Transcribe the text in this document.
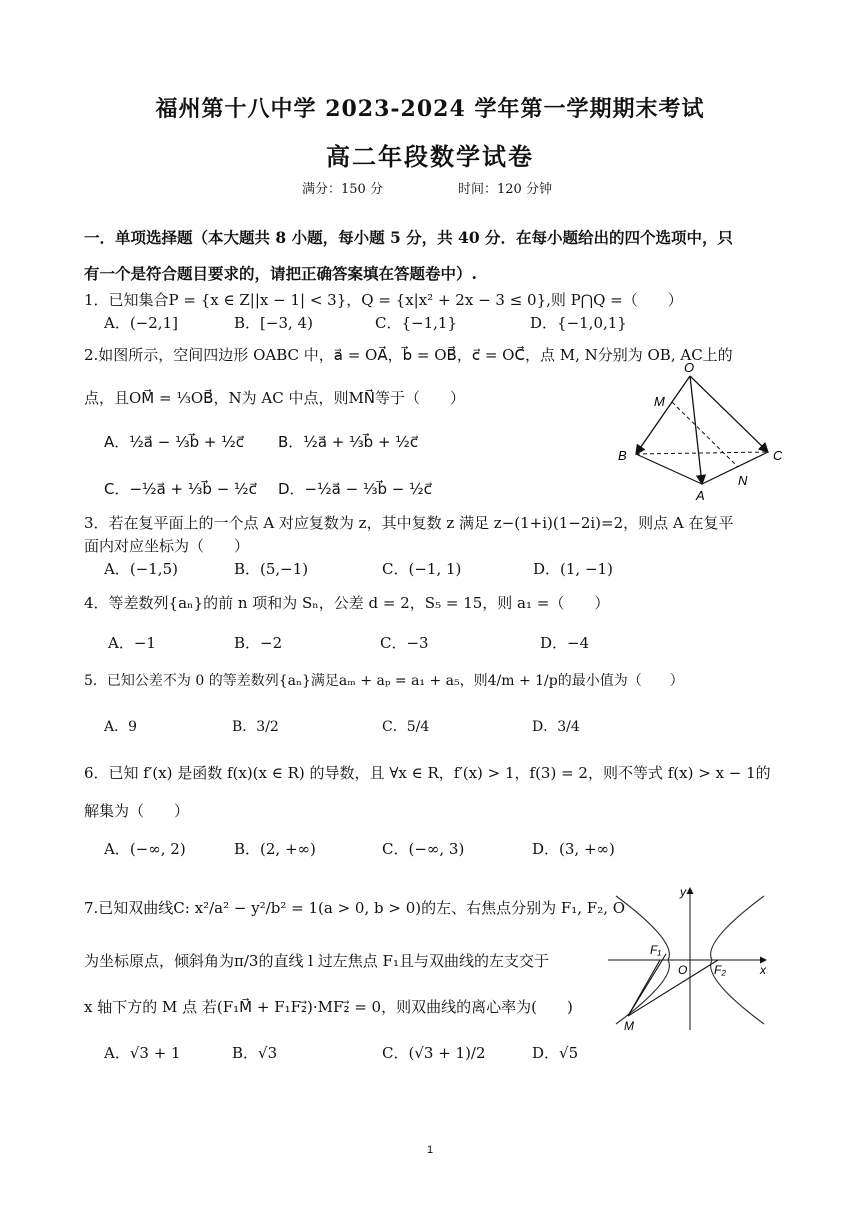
福州第十八中学 2023-2024 学年第一学期期末考试
高二年段数学试卷
满分：150 分	时间：120 分钟
一．单项选择题（本大题共 8 小题，每小题 5 分，共 40 分．在每小题给出的四个选项中，只
有一个是符合题目要求的，请把正确答案填在答题卷中）.
1．已知集合P = {x ∈ Z||x − 1| < 3}，Q = {x|x² + 2x − 3 ≤ 0},则 P⋂Q =（　　）
A．(−2,1]	B．[−3, 4)	C．{−1,1}	D．{−1,0,1}
2.如图所示，空间四边形 OABC 中，a⃗ = OA⃗，b⃗ = OB⃗，c⃗ = OC⃗，点 M, N分别为 OB, AC上的
点，且OM⃗ = ⅓OB⃗，N为 AC 中点，则MN⃗等于（　　）
A．½a⃗ − ⅓b⃗ + ½c⃗ B．½a⃗ + ⅓b⃗ + ½c⃗
C．−½a⃗ + ⅓b⃗ − ½c⃗ D．−½a⃗ − ⅓b⃗ − ½c⃗
O
M
B	C
N
A
3．若在复平面上的一个点 A 对应复数为 z，其中复数 z 满足 z−(1+i)(1−2i)=2，则点 A 在复平
面内对应坐标为（　　）
A．(−1,5)	B．(5,−1)	C．(−1, 1)	D．(1, −1)
4．等差数列{aₙ}的前 n 项和为 Sₙ，公差 d = 2，S₅ = 15，则 a₁ =（　　）
A．−1	B．−2	C．−3	D．−4
5．已知公差不为 0 的等差数列{aₙ}满足aₘ + aₚ = a₁ + a₅，则4/m + 1/p的最小值为（　　）
A．9	B．3/2	C．5/4	D．3/4
6．已知 f′(x) 是函数 f(x)(x ∈ R) 的导数，且 ∀x ∈ R，f′(x) > 1，f(3) = 2，则不等式 f(x) > x − 1的
解集为（　　）
A．(−∞, 2)	B．(2, +∞)	C．(−∞, 3)	D．(3, +∞)
7.已知双曲线C: x²/a² − y²/b² = 1(a > 0, b > 0)的左、右焦点分别为 F₁, F₂, O
为坐标原点，倾斜角为π/3的直线 l 过左焦点 F₁且与双曲线的左支交于
x 轴下方的 M 点 若(F₁M⃗ + F₁F₂⃗)·MF₂⃗ = 0，则双曲线的离心率为(　　)
A．√3 + 1	B．√3	C．(√3 + 1)/2	D．√5
y
x
O
F₁
F₂
M
1
